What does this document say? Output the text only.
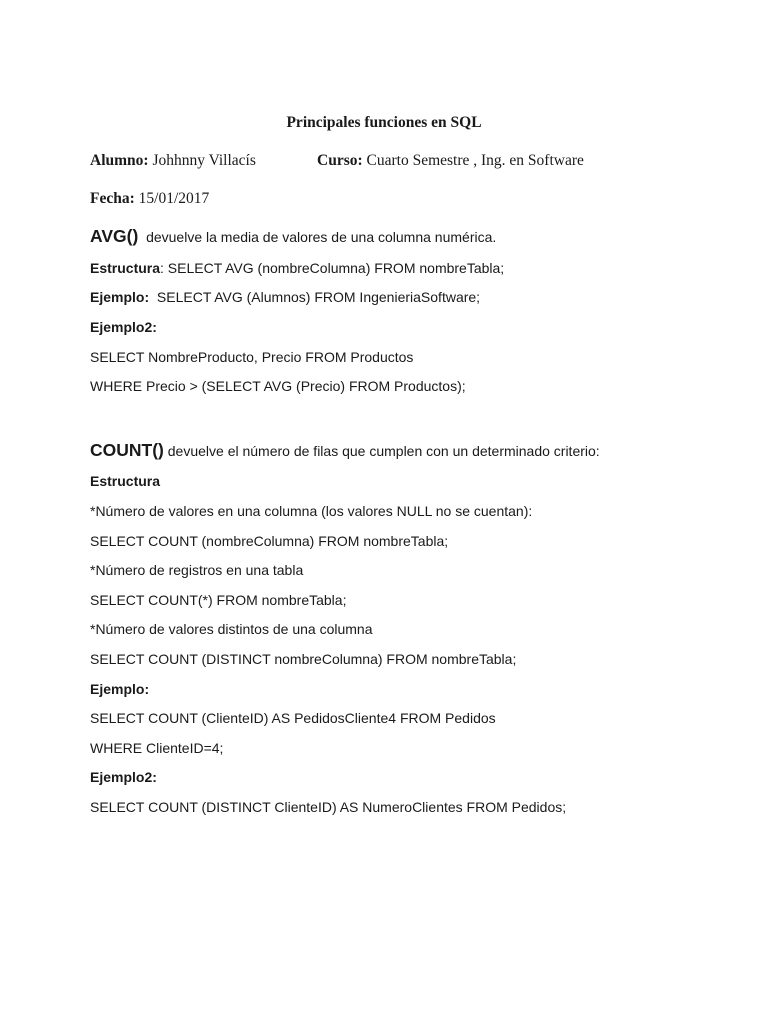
Principales funciones en SQL
Alumno: Johhnny Villacís	Curso: Cuarto Semestre , Ing. en Software
Fecha: 15/01/2017
AVG() devuelve la media de valores de una columna numérica.
Estructura: SELECT AVG (nombreColumna) FROM nombreTabla;
Ejemplo: SELECT AVG (Alumnos) FROM IngenieriaSoftware;
Ejemplo2:
SELECT NombreProducto, Precio FROM Productos
WHERE Precio > (SELECT AVG (Precio) FROM Productos);
COUNT() devuelve el número de filas que cumplen con un determinado criterio:
Estructura
*Número de valores en una columna (los valores NULL no se cuentan):
SELECT COUNT (nombreColumna) FROM nombreTabla;
*Número de registros en una tabla
SELECT COUNT(*) FROM nombreTabla;
*Número de valores distintos de una columna
SELECT COUNT (DISTINCT nombreColumna) FROM nombreTabla;
Ejemplo:
SELECT COUNT (ClienteID) AS PedidosCliente4 FROM Pedidos
WHERE ClienteID=4;
Ejemplo2:
SELECT COUNT (DISTINCT ClienteID) AS NumeroClientes FROM Pedidos;
